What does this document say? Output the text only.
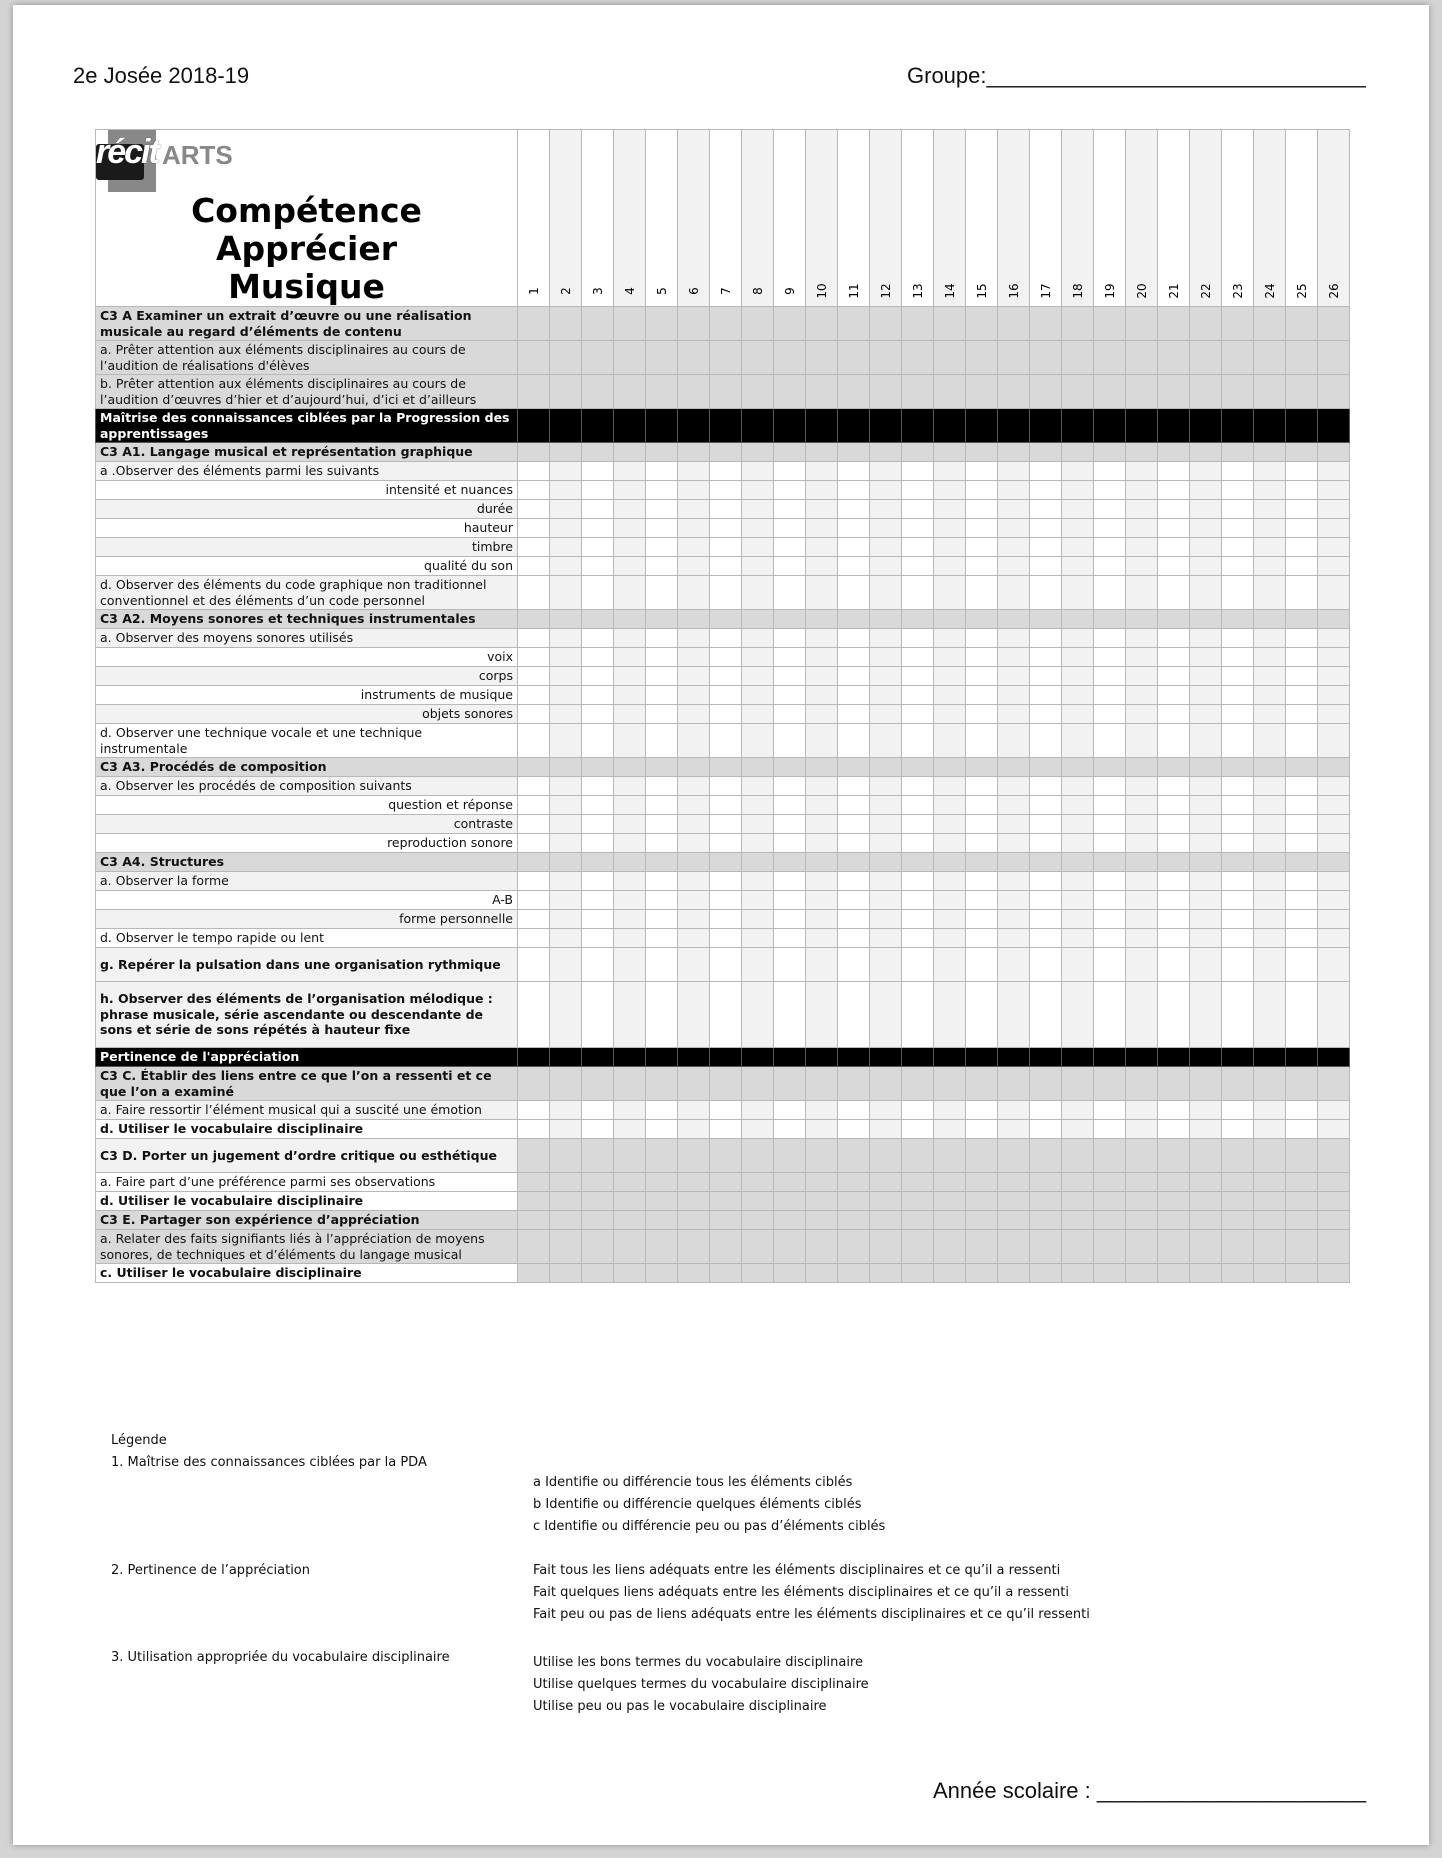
2e Josée 2018-19	Groupe:_______________________________
Légende
1. Maîtrise des connaissances ciblées par la PDA
a Identifie ou différencie tous les éléments ciblés
b Identifie ou différencie quelques éléments ciblés
c Identifie ou différencie peu ou pas d’éléments ciblés
2. Pertinence de l’appréciation	Fait tous les liens adéquats entre les éléments disciplinaires et ce qu’il a ressenti
Fait quelques liens adéquats entre les éléments disciplinaires et ce qu’il a ressenti
Fait peu ou pas de liens adéquats entre les éléments disciplinaires et ce qu’il ressenti
3. Utilisation appropriée du vocabulaire disciplinaire	Utilise les bons termes du vocabulaire disciplinaire
Utilise quelques termes du vocabulaire disciplinaire
Utilise peu ou pas le vocabulaire disciplinaire
Année scolaire : ______________________
récit ARTS
Compétence Apprécier
Musique	1	2	3	4	5	6	7	8	9	10	11	12	13	14	15	16	17	18	19	20	21	22	23	24	25	26
C3 A Examiner un extrait d’œuvre ou une réalisation musicale au regard d’éléments de contenu																										
a. Prêter attention aux éléments disciplinaires au cours de l’audition de réalisations d'élèves																										
b. Prêter attention aux éléments disciplinaires au cours de l’audition d’œuvres d’hier et d’aujourd’hui, d’ici et d’ailleurs																										
Maîtrise des connaissances ciblées par la Progression des apprentissages																										
C3 A1. Langage musical et représentation graphique																										
a .Observer des éléments parmi les suivants																										
intensité et nuances																										
durée																										
hauteur																										
timbre																										
qualité du son																										
d. Observer des éléments du code graphique non traditionnel conventionnel et des éléments d’un code personnel																										
C3 A2. Moyens sonores et techniques instrumentales																										
a. Observer des moyens sonores utilisés																										
voix																										
corps																										
instruments de musique																										
objets sonores																										
d. Observer une technique vocale et une technique instrumentale																										
C3 A3. Procédés de composition																										
a. Observer les procédés de composition suivants																										
question et réponse																										
contraste																										
reproduction sonore																										
C3 A4. Structures																										
a. Observer la forme																										
A-B																										
forme personnelle																										
d. Observer le tempo rapide ou lent																										
g. Repérer la pulsation dans une organisation rythmique																										
h. Observer des éléments de l’organisation mélodique : phrase musicale, série ascendante ou descendante de sons et série de sons répétés à hauteur fixe																										
Pertinence de l'appréciation																										
C3 C. Établir des liens entre ce que l’on a ressenti et ce que l’on a examiné																										
a. Faire ressortir l’élément musical qui a suscité une émotion																										
d. Utiliser le vocabulaire disciplinaire																										
C3 D. Porter un jugement d’ordre critique ou esthétique																										
a. Faire part d’une préférence parmi ses observations																										
d. Utiliser le vocabulaire disciplinaire																										
C3 E. Partager son expérience d’appréciation																										
a. Relater des faits signifiants liés à l’appréciation de moyens sonores, de techniques et d’éléments du langage musical																										
c. Utiliser le vocabulaire disciplinaire																										
